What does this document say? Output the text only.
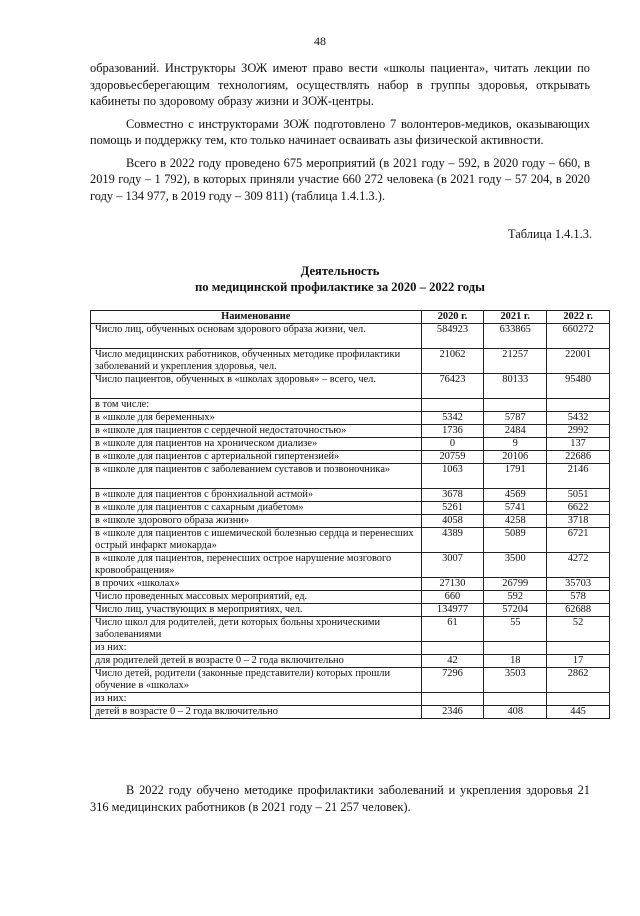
48

образований. Инструкторы ЗОЖ имеют право вести «школы пациента», читать лекции по здоровьесберегающим технологиям, осуществлять набор в группы здоровья, открывать кабинеты по здоровому образу жизни и ЗОЖ-центры.

Совместно с инструкторами ЗОЖ подготовлено 7 волонтеров-медиков, оказывающих помощь и поддержку тем, кто только начинает осваивать азы физической активности.

Всего в 2022 году проведено 675 мероприятий (в 2021 году – 592, в 2020 году – 660, в 2019 году – 1 792), в которых приняли участие 660 272 человека (в 2021 году – 57 204, в 2020 году – 134 977, в 2019 году – 309 811) (таблица 1.4.1.3.).

Таблица 1.4.1.3.
Деятельность
по медицинской профилактике за 2020 – 2022 годы
Наименование	2020 г.	2021 г.	2022 г.
Число лиц, обученных основам здорового образа жизни, чел.	584923	633865	660272
Число медицинских работников, обученных методике профилактики заболеваний и укрепления здоровья, чел.	21062	21257	22001
Число пациентов, обученных в «школах здоровья» – всего, чел.	76423	80133	95480
в том числе:			
в «школе для беременных»	5342	5787	5432
в «школе для пациентов с сердечной недостаточностью»	1736	2484	2992
в «школе для пациентов на хроническом диализе»	0	9	137
в «школе для пациентов с артериальной гипертензией»	20759	20106	22686
в «школе для пациентов с заболеванием суставов и позвоночника»	1063	1791	2146
в «школе для пациентов с бронхиальной астмой»	3678	4569	5051
в «школе для пациентов с сахарным диабетом»	5261	5741	6622
в «школе здорового образа жизни»	4058	4258	3718
в «школе для пациентов с ишемической болезнью сердца и перенесших острый инфаркт миокарда»	4389	5089	6721
в «школе для пациентов, перенесших острое нарушение мозгового кровообращения»	3007	3500	4272
в прочих «школах»	27130	26799	35703
Число проведенных массовых мероприятий, ед.	660	592	578
Число лиц, участвующих в мероприятиях, чел.	134977	57204	62688
Число школ для родителей, дети которых больны хроническими заболеваниями	61	55	52
из них:			
для родителей детей в возрасте 0 – 2 года включительно	42	18	17
Число детей, родители (законные представители) которых прошли обучение в «школах»	7296	3503	2862
из них:			
детей в возрасте 0 – 2 года включительно	2346	408	445

В 2022 году обучено методике профилактики заболеваний и укрепления здоровья 21 316 медицинских работников (в 2021 году – 21 257 человек).
